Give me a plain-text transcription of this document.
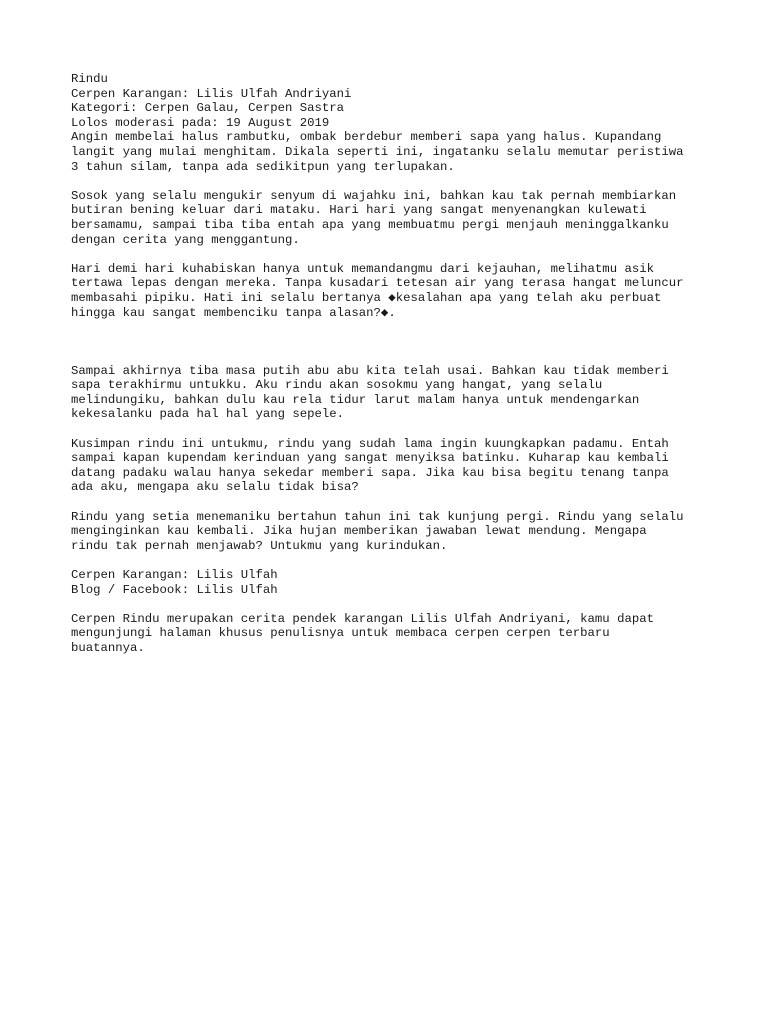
Rindu
Cerpen Karangan: Lilis Ulfah Andriyani
Kategori: Cerpen Galau, Cerpen Sastra
Lolos moderasi pada: 19 August 2019
Angin membelai halus rambutku, ombak berdebur memberi sapa yang halus. Kupandang
langit yang mulai menghitam. Dikala seperti ini, ingatanku selalu memutar peristiwa
3 tahun silam, tanpa ada sedikitpun yang terlupakan.
Sosok yang selalu mengukir senyum di wajahku ini, bahkan kau tak pernah membiarkan
butiran bening keluar dari mataku. Hari hari yang sangat menyenangkan kulewati
bersamamu, sampai tiba tiba entah apa yang membuatmu pergi menjauh meninggalkanku
dengan cerita yang menggantung.
Hari demi hari kuhabiskan hanya untuk memandangmu dari kejauhan, melihatmu asik
tertawa lepas dengan mereka. Tanpa kusadari tetesan air yang terasa hangat meluncur
membasahi pipiku. Hati ini selalu bertanya ◆kesalahan apa yang telah aku perbuat
hingga kau sangat membenciku tanpa alasan?◆.
Sampai akhirnya tiba masa putih abu abu kita telah usai. Bahkan kau tidak memberi
sapa terakhirmu untukku. Aku rindu akan sosokmu yang hangat, yang selalu
melindungiku, bahkan dulu kau rela tidur larut malam hanya untuk mendengarkan
kekesalanku pada hal hal yang sepele.
Kusimpan rindu ini untukmu, rindu yang sudah lama ingin kuungkapkan padamu. Entah
sampai kapan kupendam kerinduan yang sangat menyiksa batinku. Kuharap kau kembali
datang padaku walau hanya sekedar memberi sapa. Jika kau bisa begitu tenang tanpa
ada aku, mengapa aku selalu tidak bisa?
Rindu yang setia menemaniku bertahun tahun ini tak kunjung pergi. Rindu yang selalu
menginginkan kau kembali. Jika hujan memberikan jawaban lewat mendung. Mengapa
rindu tak pernah menjawab? Untukmu yang kurindukan.
Cerpen Karangan: Lilis Ulfah
Blog / Facebook: Lilis Ulfah
Cerpen Rindu merupakan cerita pendek karangan Lilis Ulfah Andriyani, kamu dapat
mengunjungi halaman khusus penulisnya untuk membaca cerpen cerpen terbaru
buatannya.
